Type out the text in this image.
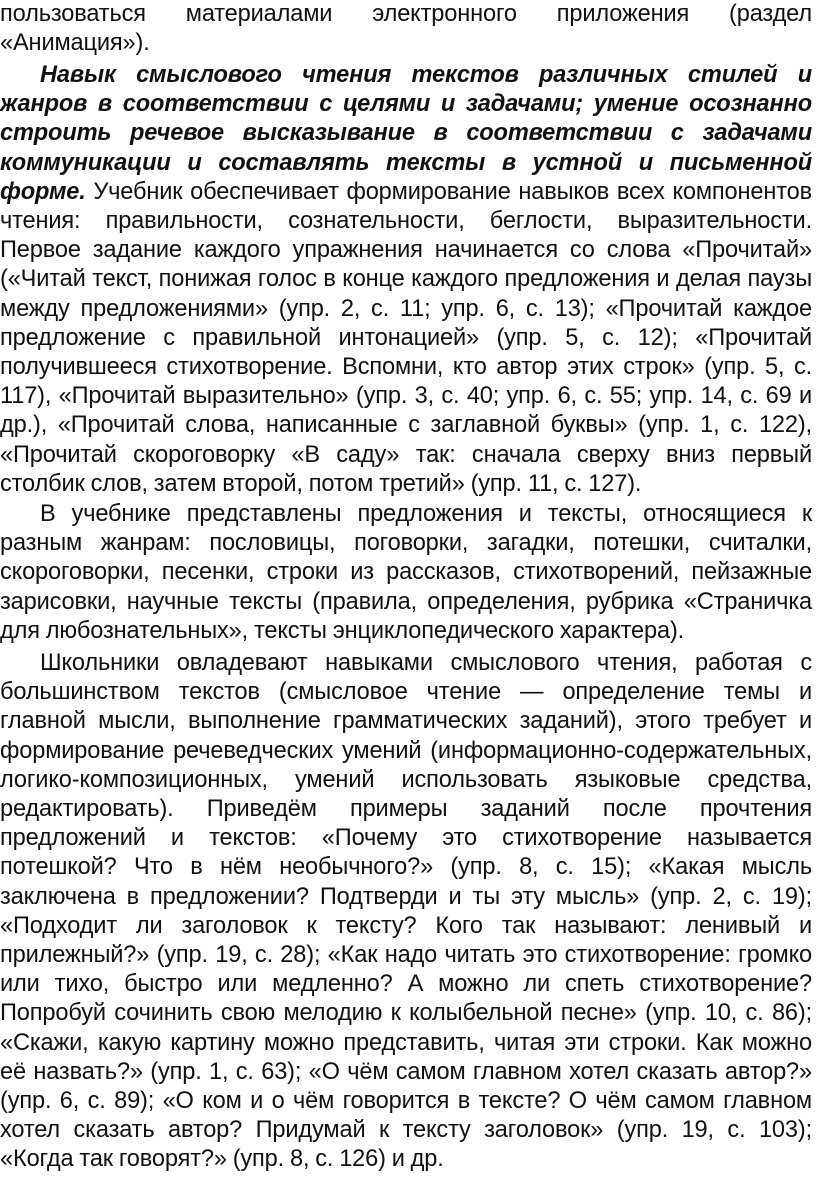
пользоваться материалами электронного приложения (раздел «Анимация»).

Навык смыслового чтения текстов различных стилей и жанров в соответствии с целями и задачами; умение осознанно строить речевое высказывание в соответствии с задачами коммуникации и составлять тексты в устной и письменной форме. Учебник обеспечивает формирование навыков всех компонентов чтения: правильности, сознательности, беглости, выразительности. Первое задание каждого упражнения начинается со слова «Прочитай» («Читай текст, понижая голос в конце каждого предложения и делая паузы между предложениями» (упр. 2, с. 11; упр. 6, с. 13); «Прочитай каждое предложение с правильной интонацией» (упр. 5, с. 12); «Прочитай получившееся стихотворение. Вспомни, кто автор этих строк» (упр. 5, с. 117), «Прочитай выразительно» (упр. 3, с. 40; упр. 6, с. 55; упр. 14, с. 69 и др.), «Прочитай слова, написанные с заглавной буквы» (упр. 1, с. 122), «Прочитай скороговорку «В саду» так: сначала сверху вниз первый столбик слов, затем второй, потом третий» (упр. 11, с. 127).

В учебнике представлены предложения и тексты, относящиеся к разным жанрам: пословицы, поговорки, загадки, потешки, считалки, скороговорки, песенки, строки из рассказов, стихотворений, пейзажные зарисовки, научные тексты (правила, определения, рубрика «Страничка для любознательных», тексты энциклопедического характера).

Школьники овладевают навыками смыслового чтения, работая с большинством текстов (смысловое чтение — определение темы и главной мысли, выполнение грамматических заданий), этого требует и формирование речеведческих умений (информационно-содержательных, логико-композиционных, умений использовать языковые средства, редактировать). Приведём примеры заданий после прочтения предложений и текстов: «Почему это стихотворение называется потешкой? Что в нём необычного?» (упр. 8, с. 15); «Какая мысль заключена в предложении? Подтверди и ты эту мысль» (упр. 2, с. 19); «Подходит ли заголовок к тексту? Кого так называют: ленивый и прилежный?» (упр. 19, с. 28); «Как надо читать это стихотворение: громко или тихо, быстро или медленно? А можно ли спеть стихотворение? Попробуй сочинить свою мелодию к колыбельной песне» (упр. 10, с. 86); «Скажи, какую картину можно представить, читая эти строки. Как можно её назвать?» (упр. 1, с. 63); «О чём самом главном хотел сказать автор?» (упр. 6, с. 89); «О ком и о чём говорится в тексте? О чём самом главном хотел сказать автор? Придумай к тексту заголовок» (упр. 19, с. 103); «Когда так говорят?» (упр. 8, с. 126) и др.
